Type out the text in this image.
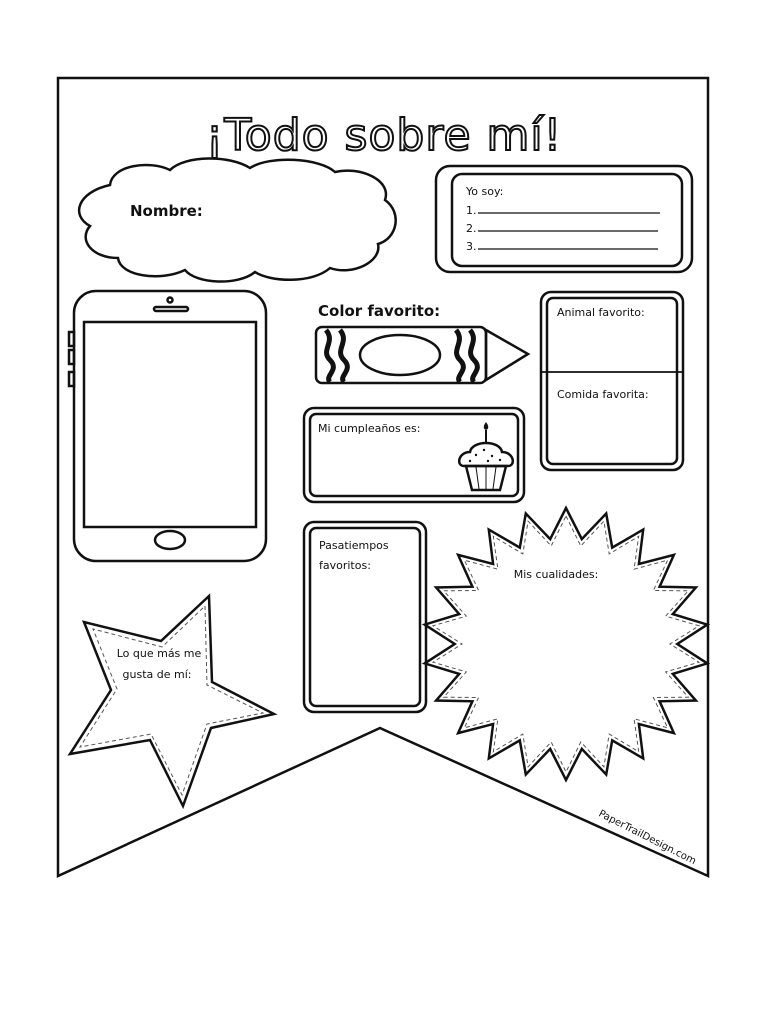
¡Todo sobre mí!
Nombre:
Yo soy:
1.
2.
3.
Color favorito:	Animal favorito:
Comida favorita:
Mi cumpleaños es:
Pasatiempos
favoritos:
Mis cualidades:
Lo que más me
gusta de mí:
PaperTrailDesign.com
